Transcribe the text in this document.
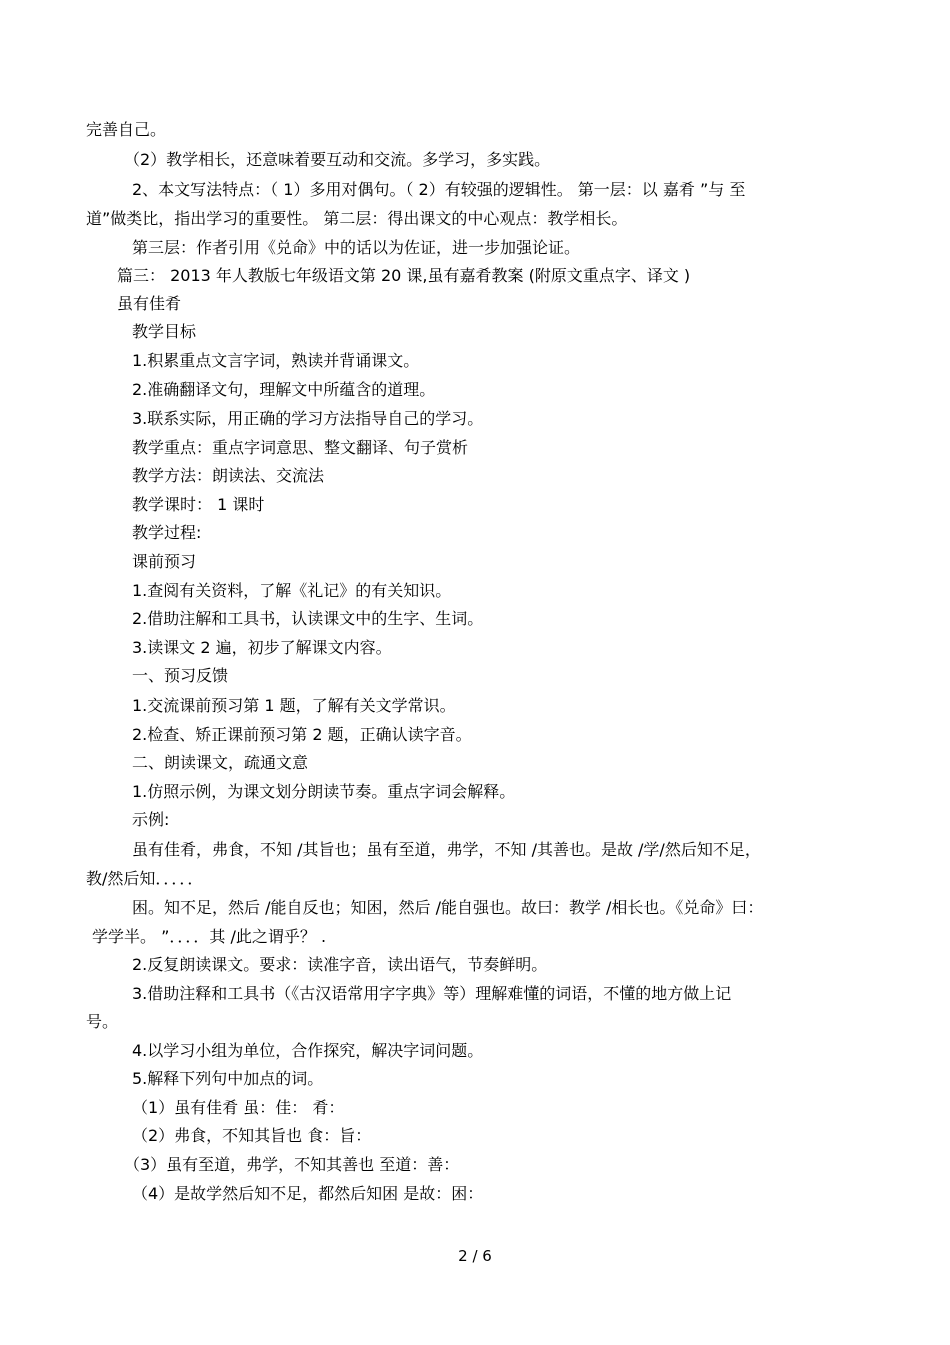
完善自己。
（2）教学相长，还意味着要互动和交流。多学习，多实践。
2、本文写法特点：（ 1）多用对偶句。（ 2）有较强的逻辑性。 第一层：以 嘉肴 ”与 至
道”做类比，指出学习的重要性。 第二层：得出课文的中心观点：教学相长。
第三层：作者引用《兑命》中的话以为佐证，进一步加强论证。
篇三： 2013 年人教版七年级语文第 20 课,虽有嘉肴教案 (附原文重点字、译文 )
虽有佳肴
教学目标
1.积累重点文言字词，熟读并背诵课文。
2.准确翻译文句，理解文中所蕴含的道理。
3.联系实际，用正确的学习方法指导自己的学习。
教学重点：重点字词意思、整文翻译、句子赏析
教学方法：朗读法、交流法
教学课时： 1 课时
教学过程:
课前预习
1.查阅有关资料，了解《礼记》的有关知识。
2.借助注解和工具书，认读课文中的生字、生词。
3.读课文 2 遍，初步了解课文内容。
一、预习反馈
1.交流课前预习第 1 题，了解有关文学常识。
2.检查、矫正课前预习第 2 题，正确认读字音。
二、朗读课文，疏通文意
1.仿照示例，为课文划分朗读节奏。重点字词会解释。
示例:
虽有佳肴，弗食，不知 /其旨也；虽有至道，弗学，不知 /其善也。是故 /学/然后知不足，
教/然后知．．．．．
困。知不足，然后 /能自反也；知困，然后 /能自强也。故曰：教学 /相长也。《兑命》曰：
学学半。 ”．．．．其 /此之谓乎？ .
2.反复朗读课文。要求：读准字音，读出语气，节奏鲜明。
3.借助注释和工具书（《古汉语常用字字典》等）理解难懂的词语，不懂的地方做上记
号。
4.以学习小组为单位，合作探究，解决字词问题。
5.解释下列句中加点的词。
（1）虽有佳肴 虽：佳： 肴：
（2）弗食，不知其旨也 食：旨：
（3）虽有至道，弗学，不知其善也 至道：善：
（4）是故学然后知不足，都然后知困 是故：困：
2 / 6
